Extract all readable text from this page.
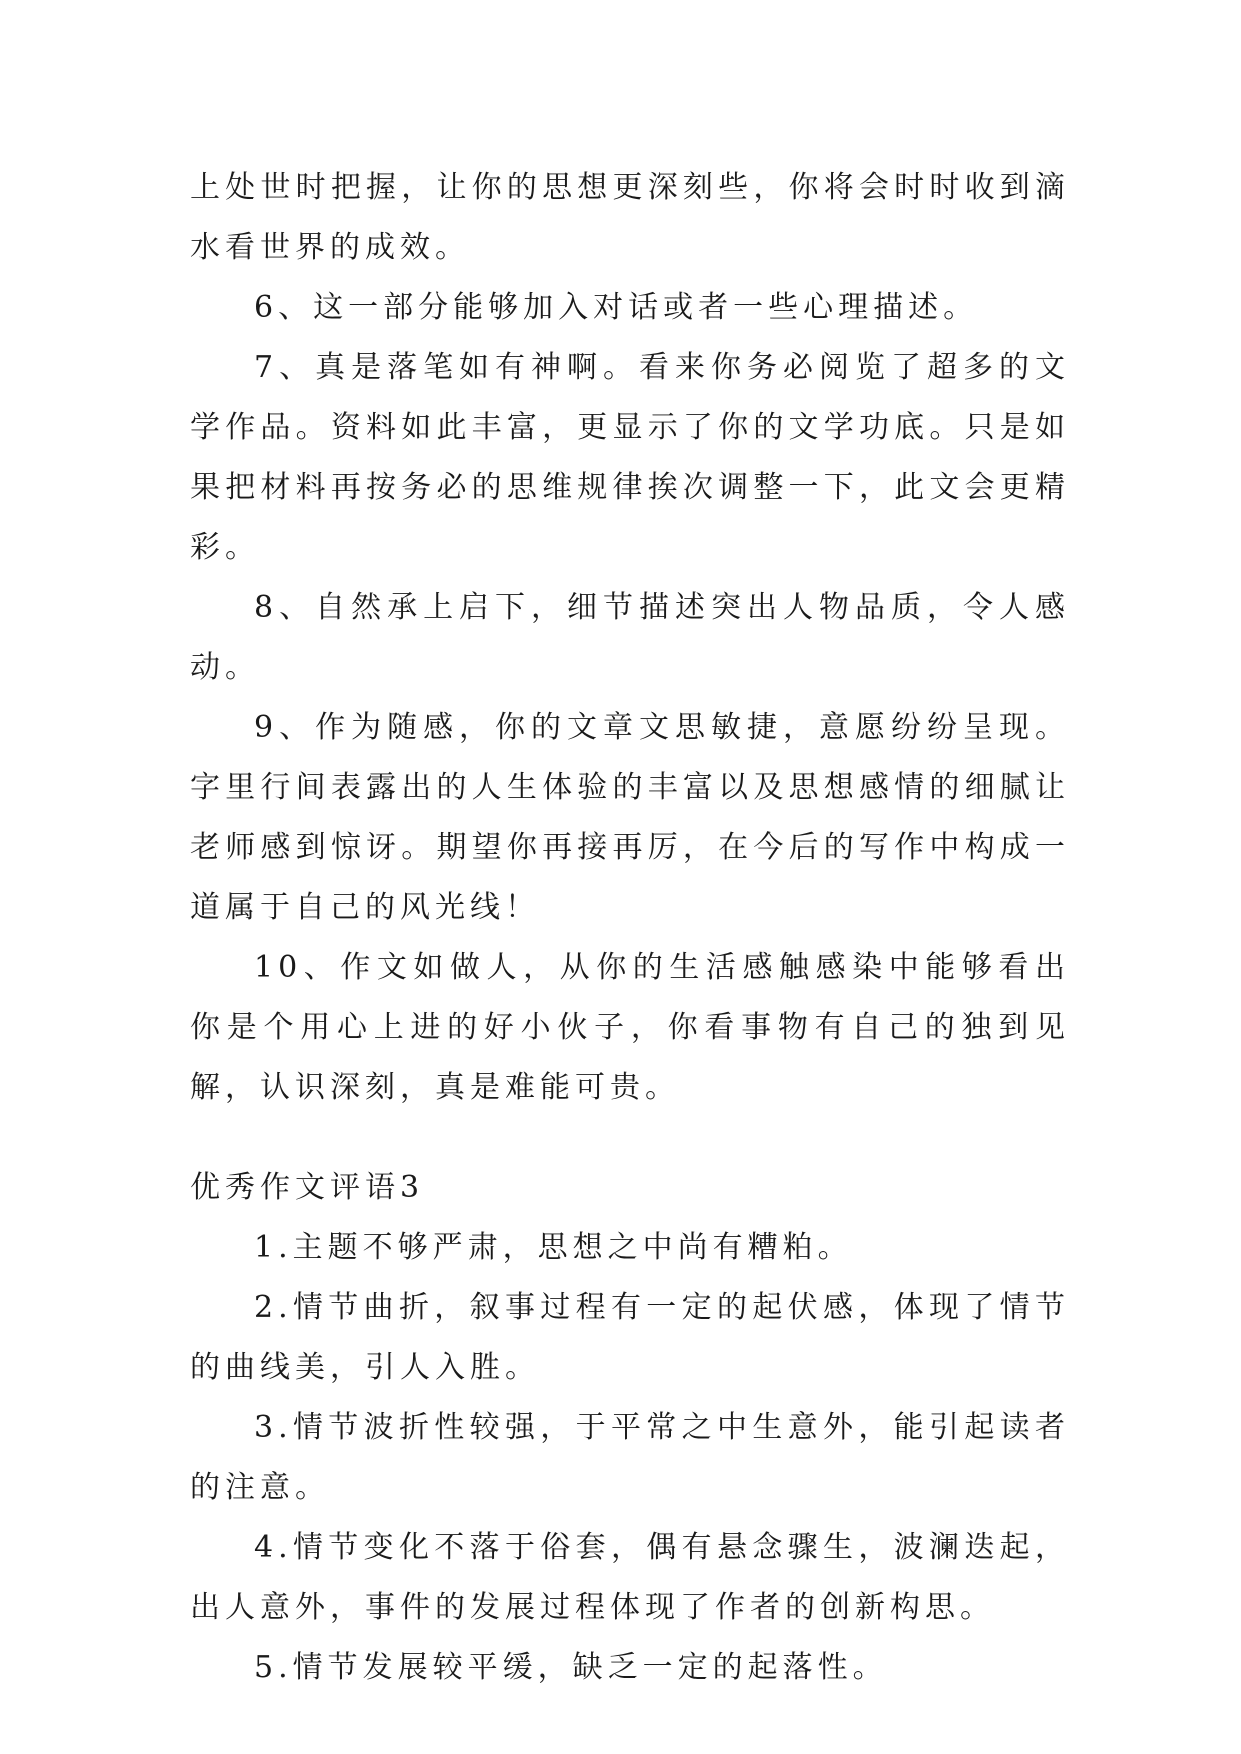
上处世时把握，让你的思想更深刻些，你将会时时收到滴水看世界的成效。

6、这一部分能够加入对话或者一些心理描述。

7、真是落笔如有神啊。看来你务必阅览了超多的文学作品。资料如此丰富，更显示了你的文学功底。只是如果把材料再按务必的思维规律挨次调整一下，此文会更精彩。

8、自然承上启下，细节描述突出人物品质，令人感动。

9、作为随感，你的文章文思敏捷，意愿纷纷呈现。字里行间表露出的人生体验的丰富以及思想感情的细腻让老师感到惊讶。期望你再接再厉，在今后的写作中构成一道属于自己的风光线！

10、作文如做人，从你的生活感触感染中能够看出你是个用心上进的好小伙子，你看事物有自己的独到见解，认识深刻，真是难能可贵。

优秀作文评语3

1.主题不够严肃，思想之中尚有糟粕。

2.情节曲折，叙事过程有一定的起伏感，体现了情节的曲线美，引人入胜。

3.情节波折性较强，于平常之中生意外，能引起读者的注意。

4.情节变化不落于俗套，偶有悬念骤生，波澜迭起，出人意外，事件的发展过程体现了作者的创新构思。

5.情节发展较平缓，缺乏一定的起落性。
